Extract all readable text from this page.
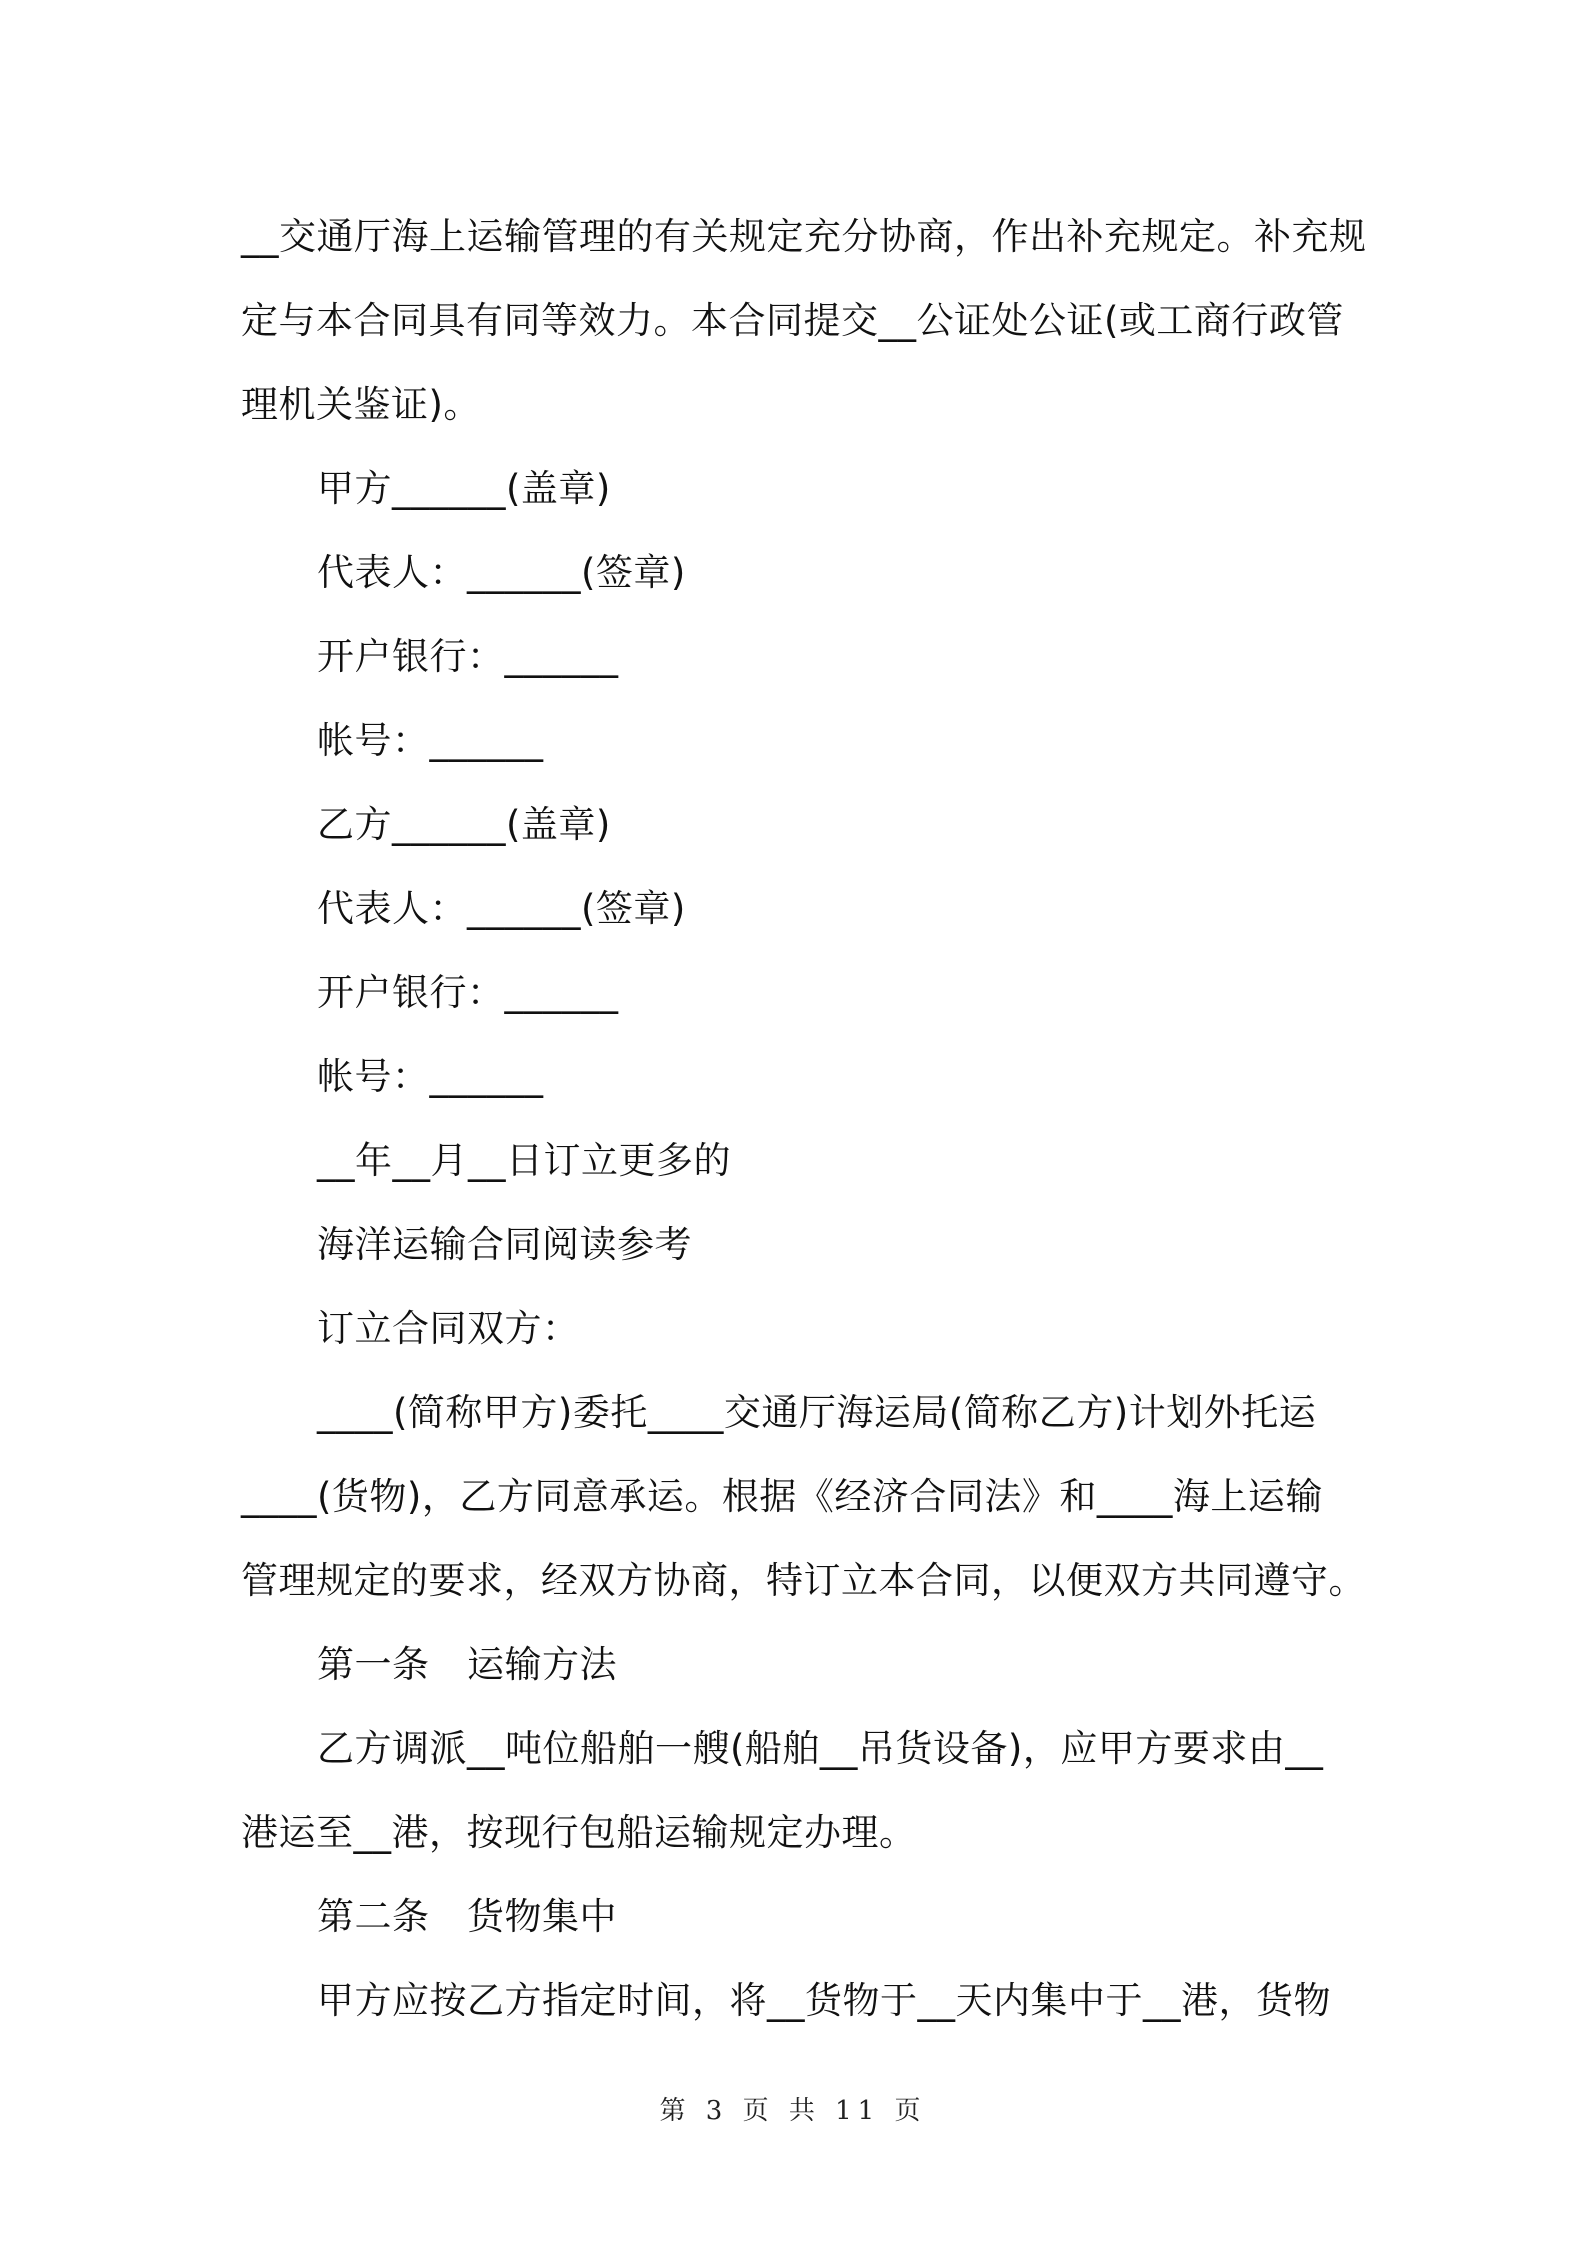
__交通厅海上运输管理的有关规定充分协商，作出补充规定。补充规
定与本合同具有同等效力。本合同提交__公证处公证(或工商行政管
理机关鉴证)。
甲方______(盖章)
代表人：______(签章)
开户银行：______
帐号：______
乙方______(盖章)
代表人：______(签章)
开户银行：______
帐号：______
__年__月__日订立更多的
海洋运输合同阅读参考
订立合同双方：
____(简称甲方)委托____交通厅海运局(简称乙方)计划外托运
____(货物)，乙方同意承运。根据《经济合同法》和____海上运输
管理规定的要求，经双方协商，特订立本合同，以便双方共同遵守。
第一条　运输方法
乙方调派__吨位船舶一艘(船舶__吊货设备)，应甲方要求由__
港运至__港，按现行包船运输规定办理。
第二条　货物集中
甲方应按乙方指定时间，将__货物于__天内集中于__港，货物
第 3 页 共 11 页
